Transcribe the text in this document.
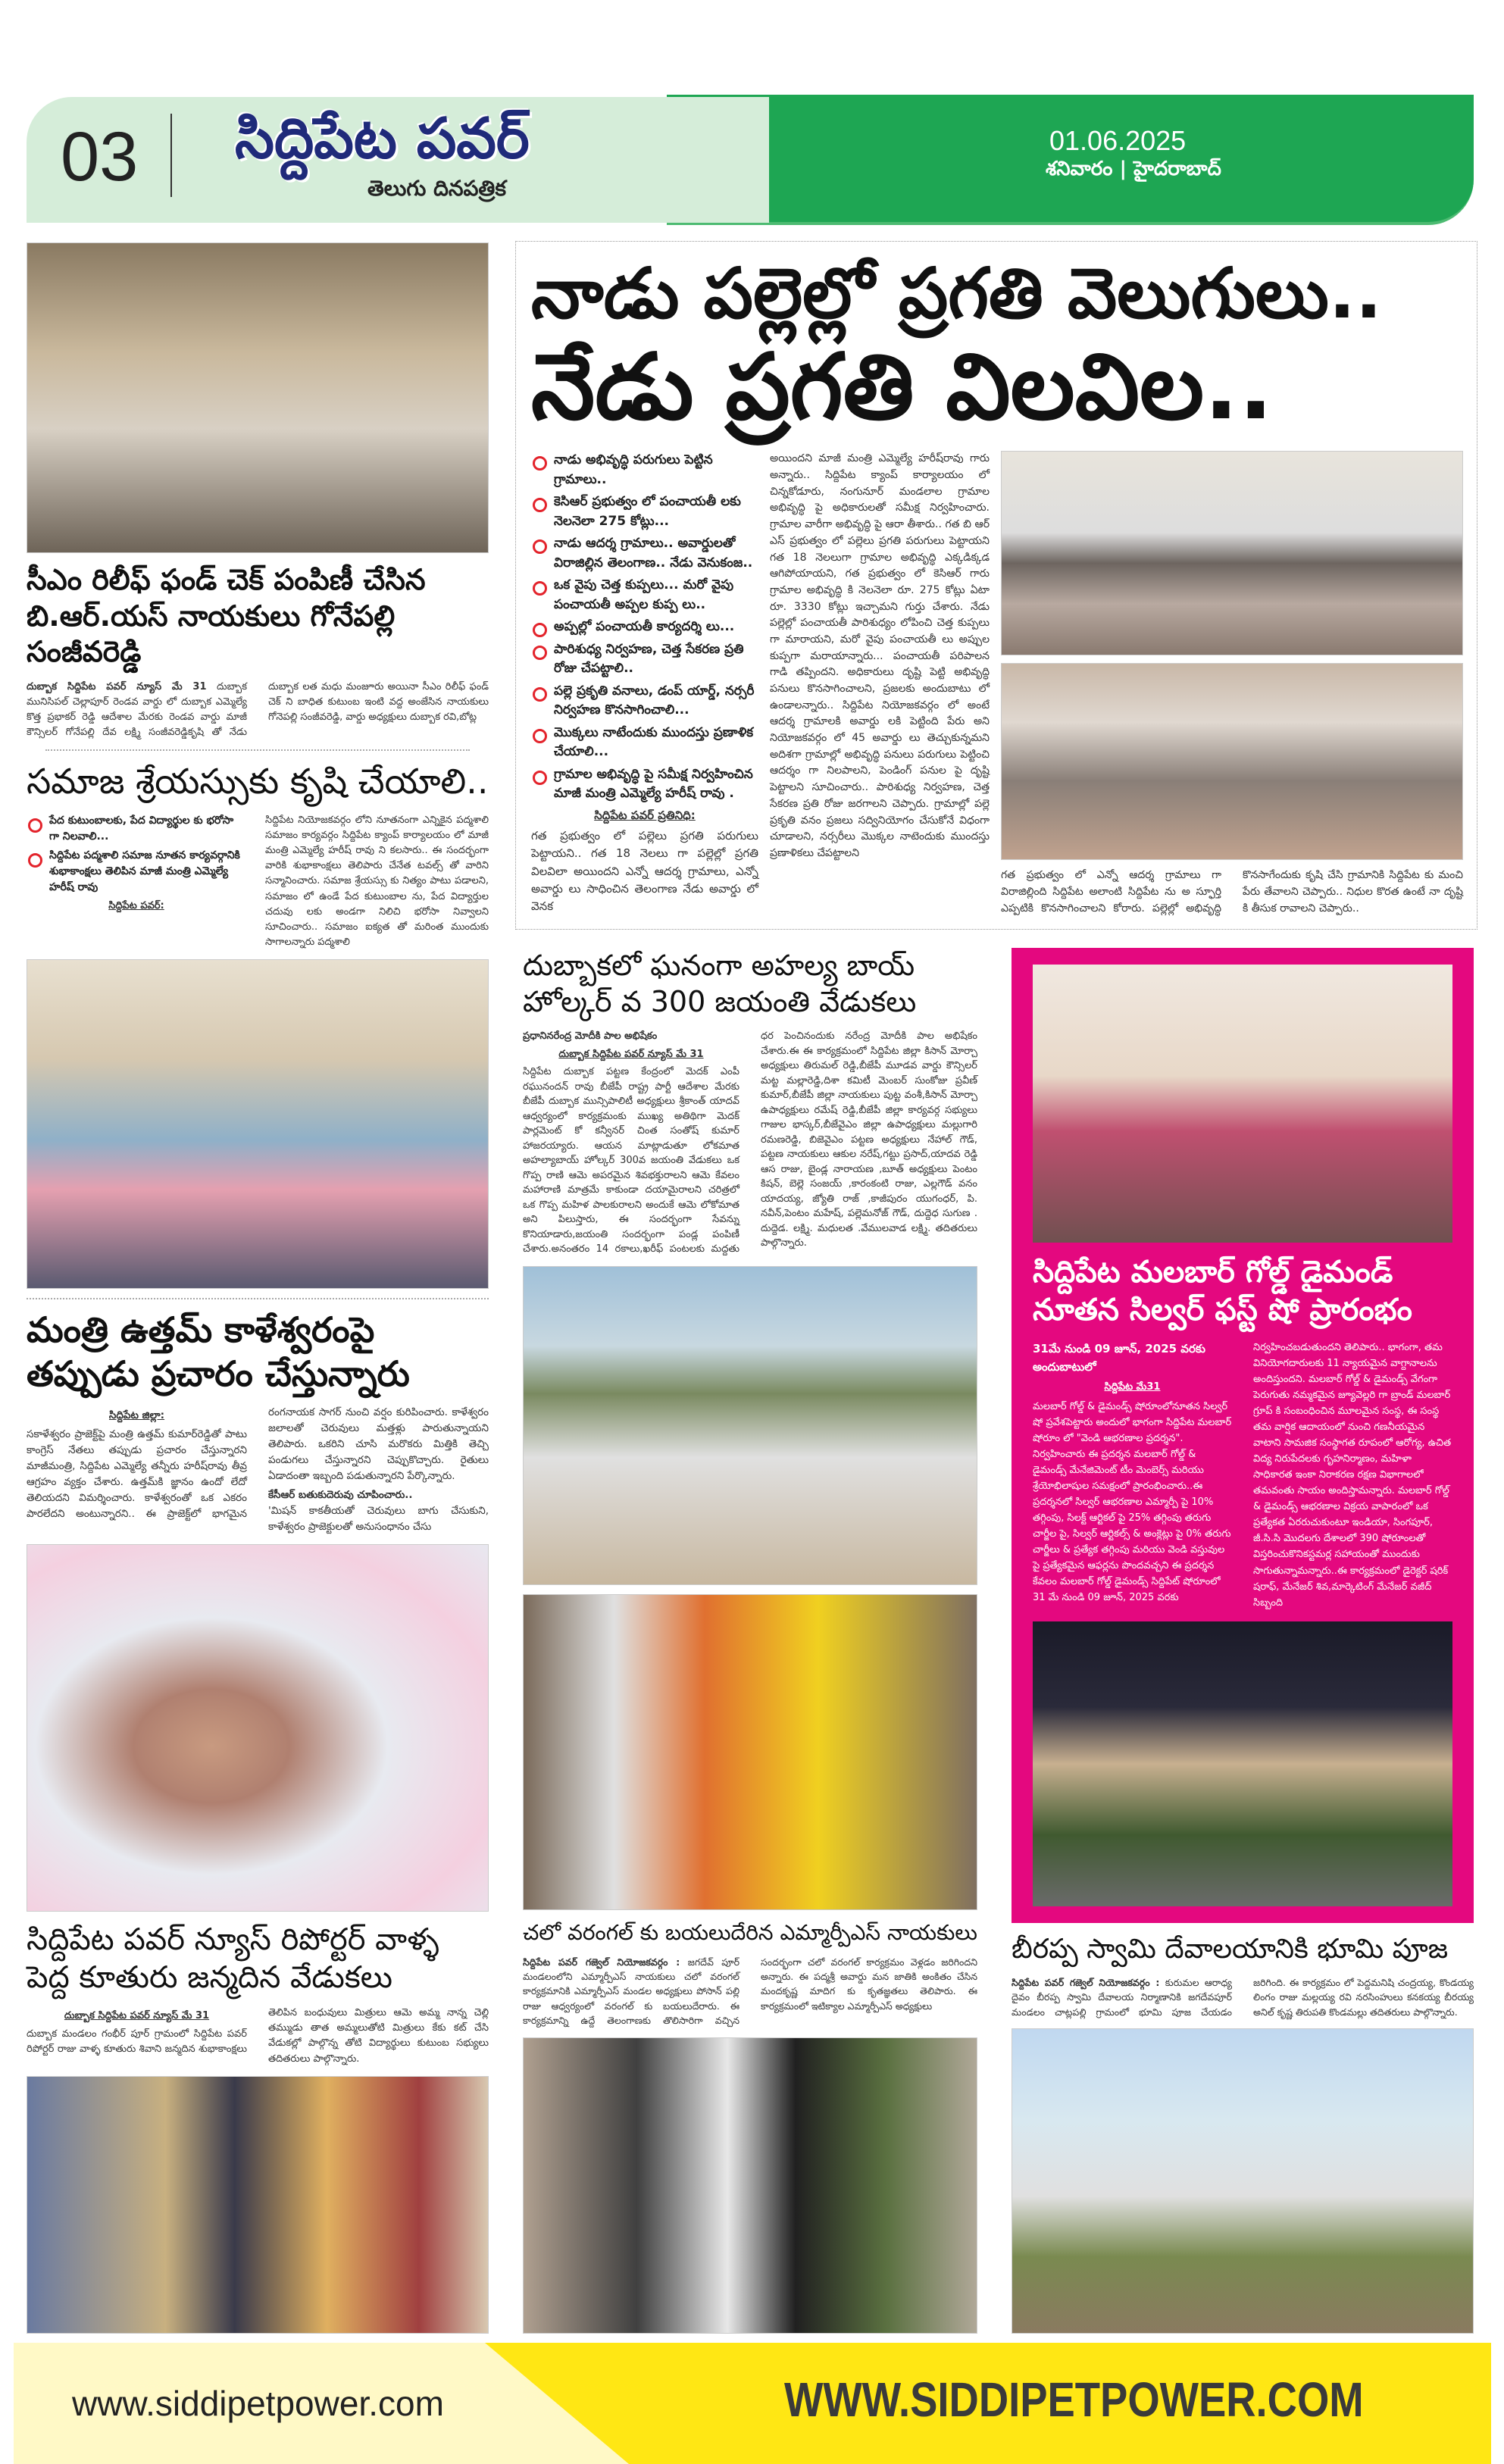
03 సిద్దిపేట పవర్
తెలుగు దినపత్రిక
01.06.2025
శనివారం | హైదరాబాద్
సీఎం రిలీఫ్ ఫండ్ చెక్ పంపిణీ చేసిన బి.ఆర్.యస్ నాయకులు గోనేపల్లి సంజీవరెడ్డి

దుబ్బాక సిద్దిపేట పవర్ న్యూస్ మే 31 దుబ్బాక మునిసిపల్ చెల్లాపూర్ రెండవ వార్డు లో దుబ్బాక ఎమ్మెల్యే కొత్త ప్రభాకర్ రెడ్డి ఆదేశాల మేరకు రెండవ వార్డు మాజీ కౌన్సిలర్ గోనేపల్లి దేవ లక్ష్మి సంజీవరెడ్డికృషి తో నేడు దుబ్బాక లత మధు మంజూరు అయినా సీఎం రిలీఫ్ ఫండ్ చెక్ ని బాధిత కుటుంబ ఇంటి వద్ద అంజేసిన నాయకులు గోనెపల్లి సంజీవరెడ్డి, వార్డు అధ్యక్షులు దుబ్బాక రవి,బోట్ల

సమాజ శ్రేయస్సుకు కృషి చేయాలి..
పేద కుటుంబాలకు, పేద విద్యార్థుల కు భరోసా గా నిలవాలి...
సిద్దిపేట పద్మశాలి సమాజ నూతన కార్యవర్గానికి శుభాకాంక్షలు తెలిపిన మాజీ మంత్రి ఎమ్మెల్యే హరీష్ రావు
సిద్దిపేట పవర్:

సిద్దిపేట నియోజకవర్గం లోని నూతనంగా ఎన్నికైన పద్మశాలి సమాజం కార్యవర్గం సిద్దిపేట క్యాంప్ కార్యాలయం లో మాజీ మంత్రి ఎమ్మెల్యే హరీష్ రావు ని కలసారు.. ఈ సందర్భంగా వారికి శుభాకాంక్షలు తెలిపారు చేనేత టవల్స్ తో వారిని సన్మానించారు. సమాజ శ్రేయస్సు కు నిత్యం పాటు పడాలని, సమాజం లో ఉండే పేద కుటుంబాల ను, పేద విద్యార్తుల చదువు లకు అండగా నిలిచి భరోసా నివ్వాలని సూచించారు.. సమాజం ఐక్యత తో మరింత ముందుకు సాగాలన్నారు పద్మశాలి

మంత్రి ఉత్తమ్ కాళేశ్వరంపై తప్పుడు ప్రచారం చేస్తున్నారు
సిద్దిపేట జిల్లా:
సకాళేశ్వరం ప్రాజెక్ట్‌పై మంత్రి ఉత్తమ్ కుమార్‌రెడ్డితో పాటు కాంగ్రెస్ నేతలు తప్పుడు ప్రచారం చేస్తున్నారని మాజీమంత్రి, సిద్దిపేట ఎమ్మెల్యే తన్నీరు హరీష్‌రావు తీవ్ర ఆగ్రహం వ్యక్తం చేశారు. ఉత్తమ్‌కి జ్ఞానం ఉందో లేదో తెలియదని విమర్శించారు. కాళేశ్వరంతో ఒక ఎకరం పారలేదని అంటున్నారని.. ఈ ప్రాజెక్ట్‌లో భాగమైన రంగనాయక సాగర్ నుంచి వర్షం కురిపించారు. కాళేశ్వరం జలాలతో చెరువులు మత్తళ్లు పారుతున్నాయని తెలిపారు. ఒకరిని చూసి మరొకరు మిత్తికి తెచ్చి పండుగలు చేస్తున్నారని చెప్పుకొచ్చారు. రైతులు ఏడాదంతా ఇబ్బంది పడుతున్నారని పేర్కొన్నారు.
కేసీఆర్ బతుకుదెరువు చూపించారు..
'మిషన్ కాకతీయతో చెరువులు బాగు చేసుకుని, కాళేశ్వరం ప్రాజెక్టులతో అనుసంధానం చేసు
సిద్దిపేట పవర్ న్యూస్ రిపోర్టర్ వాళ్ళ పెద్ద కూతురు జన్మదిన వేడుకలు
దుబ్బాక సిద్దిపేట పవర్ న్యూస్ మే 31
దుబ్బాక మండలం గంభీర్ పూర్ గ్రామంలో సిద్దిపేట పవర్ రిపోర్టర్ రాజు వాళ్ళ కూతురు శివాని జన్మదిన శుభాకాంక్షలు తెలిపిన బంధువులు మిత్రులు ఆమె అమ్మ నాన్న చెల్లి తమ్ముడు తాత అమ్మలుతోటి మిత్రులు కేకు కట్ చేసి వేడుకల్లో పాల్గొన్న తోటి విద్యార్థులు కుటుంబ సభ్యులు తదితరులు పాల్గొన్నారు.
నాడు పల్లెల్లో ప్రగతి వెలుగులు..
నేడు ప్రగతి విలవిల..
నాడు అభివృద్ధి పరుగులు పెట్టిన గ్రామాలు..
కెసిఆర్ ప్రభుత్వం లో పంచాయతీ లకు నెలనెలా 275 కోట్లు...
నాడు ఆదర్శ గ్రామాలు.. అవార్డులతో విరాజిల్లిన తెలంగాణ.. నేడు వెనుకంజ..
ఒక వైపు చెత్త కుప్పలు... మరో వైపు పంచాయతీ అప్పల కుప్ప లు..
అప్పల్లో పంచాయతీ కార్యదర్శి లు...
పారిశుధ్య నిర్వహణ, చెత్త సేకరణ ప్రతి రోజు చేపట్టాలి..
పల్లె ప్రకృతి వనాలు, డంప్ యార్డ్, నర్సరీ నిర్వహణ కొనసాగించాలి...
మొక్కలు నాటేందుకు ముందస్తు ప్రణాళిక చేయాలి...
గ్రామాల అభివృద్ధి పై సమీక్ష నిర్వహించిన మాజీ మంత్రి ఎమ్మెల్యే హరీష్ రావు .
సిద్దిపేట పవర్ ప్రతినిధి:

గత ప్రభుత్వం లో పల్లెలు ప్రగతి పరుగులు పెట్టాయని.. గత 18 నెలలు గా పల్లెల్లో ప్రగతి విలవిలా అయిందని ఎన్నో ఆదర్శ గ్రామాలు, ఎన్నో అవార్డు లు సాధించిన తెలంగాణ నేడు అవార్డు లో వెనక

అయిందని మాజీ మంత్రి ఎమ్మెల్యే హరీష్‌రావు గారు అన్నారు.. సిద్దిపేట క్యాంప్ కార్యాలయం లో చిన్నకోడూరు, నంగునూర్ మండలాల గ్రామాల అభివృద్ధి పై అధికారులతో సమీక్ష నిర్వహించారు. గ్రామాల వారీగా అభివృద్ధి పై ఆరా తీశారు.. గత బి ఆర్ ఎస్ ప్రభుత్వం లో పల్లెలు ప్రగతి పరుగులు పెట్టాయని గత 18 నెలలుగా గ్రామాల అభివృద్ధి ఎక్కడిక్కడ ఆగిపోయాయని, గత ప్రభుత్వం లో కెసిఆర్ గారు గ్రామాల అభివృద్ధి కి నెలనెలా రూ. 275 కోట్లు ఏటా రూ. 3330 కోట్లు ఇచ్చామని గుర్తు చేశారు. నేడు పల్లెల్లో పంచాయతీ పారిశుధ్యం లోపించి చెత్త కుప్పలు గా మారాయని, మరో వైపు పంచాయతీ లు అప్పుల కుప్పగా మరాయాన్నారు... పంచాయతీ పరిపాలన గాడి తప్పిందని. అధికారులు దృష్టి పెట్టి అభివృద్ధి పనులు కొనసాగించాలని, ప్రజలకు అందుబాటు లో ఉండాలన్నారు.. సిద్దిపేట నియోజకవర్గం లో అంటే ఆదర్శ గ్రామాలకి అవార్డు లకి పెట్టింది పేరు అని నియోజకవర్గం లో 45 అవార్డు లు తెచ్చుకున్నమని అదిశగా గ్రామాల్లో అభివృద్ధి పనులు పరుగులు పెట్టించి ఆదర్శం గా నిలపాలని, పెండింగ్ పనుల పై దృష్టి పెట్టాలని సూచించారు.. పారిశుధ్య నిర్వహణ, చెత్త సేకరణ ప్రతి రోజు జరగాలని చెప్పారు. గ్రామాల్లో పల్లె ప్రకృతి వనం ప్రజలు సద్వినియోగం చేసుకోనే విధంగా చూడాలని, నర్సరీలు మొక్కల నాటెందుకు ముందస్తు ప్రణాళికలు చేపట్టాలని

గత ప్రభుత్వం లో ఎన్నో ఆదర్శ గ్రామాలు గా విరాజిల్లింది సిద్దిపేట అలాంటి సిద్దిపేట ను అ స్ఫూర్తి ఎప్పటికి కొనసాగించాలని కోరారు. పల్లెల్లో అభివృద్ధి కొనసాగేందుకు కృషి చేసి గ్రామానికి సిద్దిపేట కు మంచి పేరు తేవాలని చెప్పారు.. నిధుల కొరత ఉంటే నా దృష్టి కి తీసుక రావాలని చెప్పారు..

దుబ్బాకలో ఘనంగా అహల్య బాయ్ హోల్కర్ వ 300 జయంతి వేడుకలు
ప్రధానినరేంద్ర మోదీకి పాల అభిషేకం
దుబ్బాక సిద్దిపేట పవర్ న్యూస్ మే 31
సిద్దిపేట దుబ్బాక పట్టణ కేంద్రంలో మెదక్ ఎంపీ రఘునందన్ రావు బీజేపీ రాష్ట్ర పార్టీ ఆదేశాల మేరకు బీజేపీ దుబ్బాక మున్సిపాలిటీ అధ్యక్షులు శ్రీకాంత్ యాదవ్ ఆధ్వర్యంలో కార్యక్రమంకు ముఖ్య అతిథిగా మెదక్ పార్లమెంట్ కో కన్వీనర్ చింత సంతోష్ కుమార్ హాజరయ్యారు. ఆయన మాట్లాడుతూ లోకమాత అహల్యాబాయ్ హోల్కర్ 300వ జయంతి వేడుకలు ఒక గొప్ప రాణి ఆమె అపరమైన శివభక్తురాలని ఆమె కేవలం మహారాణి మాత్రమే కాకుండా దయామైరాలని చరిత్రలో ఒక గొప్ప మహిళ పాలకురాలని అందుకే ఆమె లోకోమాత అని పిలుస్తారు, ఈ సందర్భంగా సేవన్ను కొనియాడారు,జయంతి సందర్భంగా పండ్ల పంపిణీ చేశారు.అనంతరం 14 రకాలు,ఖరీఫ్ పంటలకు మద్దతు ధర పెంచినందుకు నరేంద్ర మోదీకి పాల అభిషేకం చేశారు.ఈ ఈ కార్యక్రమంలో సిద్దిపేట జిల్లా కిసాన్ మోర్చా అధ్యక్షులు తిరుమల్ రెడ్డి,బీజేపీ మూడవ వార్డు కౌన్సిలర్ మట్ట మల్లారెడ్డి,దిశా కమిటీ మెంబర్ సుంకోజు ప్రవీణ్ కుమార్,బీజేపీ జిల్లా నాయకులు పుట్ట వంశీ,కిసాన్ మోర్చా ఉపాధ్యక్షులు రమేష్ రెడ్డి,బీజేపీ జిల్లా కార్యవర్గ సభ్యులు గాజుల భాస్కర్,బీజేవైఎం జిల్లా ఉపాధ్యక్షులు మల్లుగారి రమణరెడ్డి, బిజెవైఎం పట్టణ అధ్యక్షులు నేహాల్ గౌడ్, పట్టణ నాయకులు ఆకుల నరేష్,గట్టు ప్రసాద్,యాదవ రెడ్డి ఆస రాజు, బైండ్ల నారాయణ ,బూత్ అధ్యక్షులు పెంటం కిషన్, బెల్లె సంజయ్ ,కారంకంటి రాజు, ఎల్లగౌడ్ వనం యాదయ్య, జ్యోతి రాజ్ ,కాజీపురం యుగంధర్, పి. నవీన్,పెంటం మహేష్, పల్లెమనోజ్ గౌడ్, దుద్దెధ సుగుణ . దుద్దెడ. లక్ష్మి. మధులత .వేములవాడ లక్ష్మి. తదితరులు పాల్గొన్నారు.
చలో వరంగల్ కు బయలుదేరిన ఎమ్మార్పీఎస్ నాయకులు
సిద్దిపేట పవర్ గజ్వెల్ నియోజకవర్గం : జగదేవ్ పూర్ మండలంలోని ఎమ్మార్పీఎస్ నాయకులు చలో వరంగల్ కార్యక్రమానికి ఎమ్మార్పీఎస్ మండల అధ్యక్షులు పోసాన్ పల్లి రాజు ఆధ్వర్యంలో వరంగల్ కు బయలుదేరారు. ఈ కార్యక్రమాన్ని ఉద్దే తెలంగాణకు తొలిసారిగా వచ్చిన సందర్భంగా చలో వరంగల్ కార్యక్రమం వెళ్లడం జరిగిందని అన్నారు. ఈ పద్మశ్రీ అవార్డు మన జాతికి అంకితం చేసిన మందకృష్ణ మాదిగ కు కృతజ్ఞతలు తెలిపారు. ఈ కార్యక్రమంలో ఇటిక్యాల ఎమ్మార్పీఎస్ అధ్యక్షులు
సిద్దిపేట మలబార్ గోల్డ్ డైమండ్ నూతన సిల్వర్ ఫస్ట్ షో ప్రారంభం
31మే నుండి 09 జూన్, 2025 వరకు అందుబాటులో
సిద్దిపేట మే31
మలబార్ గోల్డ్ & డైమండ్స్ షోరూంలోనూతన సిల్వర్ షో ప్రవేశపెట్టారు అందులో భాగంగా సిద్దిపేట మలబార్ షోరూం లో "వెండి ఆభరణాల ప్రదర్శన". నిర్వహించారు ఈ ప్రదర్శన మలబార్ గోల్డ్ & డైమండ్స్ మేనేజిమెంట్ టీం మెంబెర్స్ మరియు శ్రేయోభిలాషుల సమక్షంలో ప్రారంభించారు..ఈ ప్రదర్శనలో సిల్వర్ ఆభరణాల ఎమ్మార్పీ పై 10% తగ్గింపు, సిలక్ట్ ఆర్టికల్ పై 25% తగ్గింపు తరుగు చార్జీల పై, సిల్వర్ ఆర్టికల్స్ & అంక్లెట్లు పై 0% తరుగు చార్జీలు & ప్రత్యేక తగ్గింపు మరియు వెండి వస్తువుల పై ప్రత్యేకమైన ఆఫర్లను పొందవచ్చని ఈ ప్రదర్శన కేవలం మలబార్ గోల్డ్ డైమండ్స్ సిద్దిపేట్ షోరూంలో 31 మే నుండి 09 జూన్, 2025 వరకు నిర్వహించబడుతుందని తెలిపారు.. భాగంగా, తమ వినియోగదారులకు 11 న్యాయమైన వాగ్దానాలను అందిస్తుందని. మలబార్ గోల్డ్ & డైమండ్స్ వేగంగా పెరుగుతు నమ్మకమైన జ్యూవెల్లరి గా బ్రాండ్ మలబార్ గ్రూప్ కి సంబంధించిన మూలమైన సంస్థ, ఈ సంస్థ తమ వార్షిక ఆదాయంలో నుంచి గణనీయమైన వాటాని సామజిక సంస్థాగత రూపంలో ఆరోగ్య, ఉచిత విద్య నిరుపేదలకు గృహనిర్మాణం, మహిళా సాధికారత ఇంకా నిరాకరణ రక్షణ విభాగాలలో తమవంతు సాయం అందిస్తామన్నారు. మలబార్ గోల్డ్ & డైమండ్స్ ఆభరణాల విక్రయ వాపారంలో ఒక ప్రత్యేకత ఏరరుచుకుంటూ ఇండియా, సింగపూర్, జీ.సి.సి మొదలగు దేశాలలో 390 షోరూంలతో విస్తరించుకొనికస్టమర్ల సహాయంతో ముందుకు సాగుతున్నామన్నారు..ఈ కార్యక్రమంలో డైరెక్టర్ షరిక్ షరాఫ్, మేనేజర్ శివ,మార్కెటింగ్ మేనేజర్ వజీద్ సిబ్బంది
బీరప్ప స్వామి దేవాలయానికి భూమి పూజ
సిద్దిపేట పవర్ గజ్వెల్ నియోజకవర్గం : కురుమల ఆరాధ్య దైవం బీరప్ప స్వామి దేవాలయ నిర్మాణానికి జగదేవపూర్ మండలం చాట్లపల్లి గ్రామంలో భూమి పూజ చేయడం జరిగింది. ఈ కార్యక్రమం లో పెద్దమనిషి చంద్రయ్య, కొండయ్య లింగం రాజు మల్లయ్య రవి నరసింహులు కనకయ్య బీరయ్య అనిల్ కృష్ణ తిరుపతి కొండమల్లు తదితరులు పాల్గొన్నారు.
www.siddipetpower.com	WWW.SIDDIPETPOWER.COM
